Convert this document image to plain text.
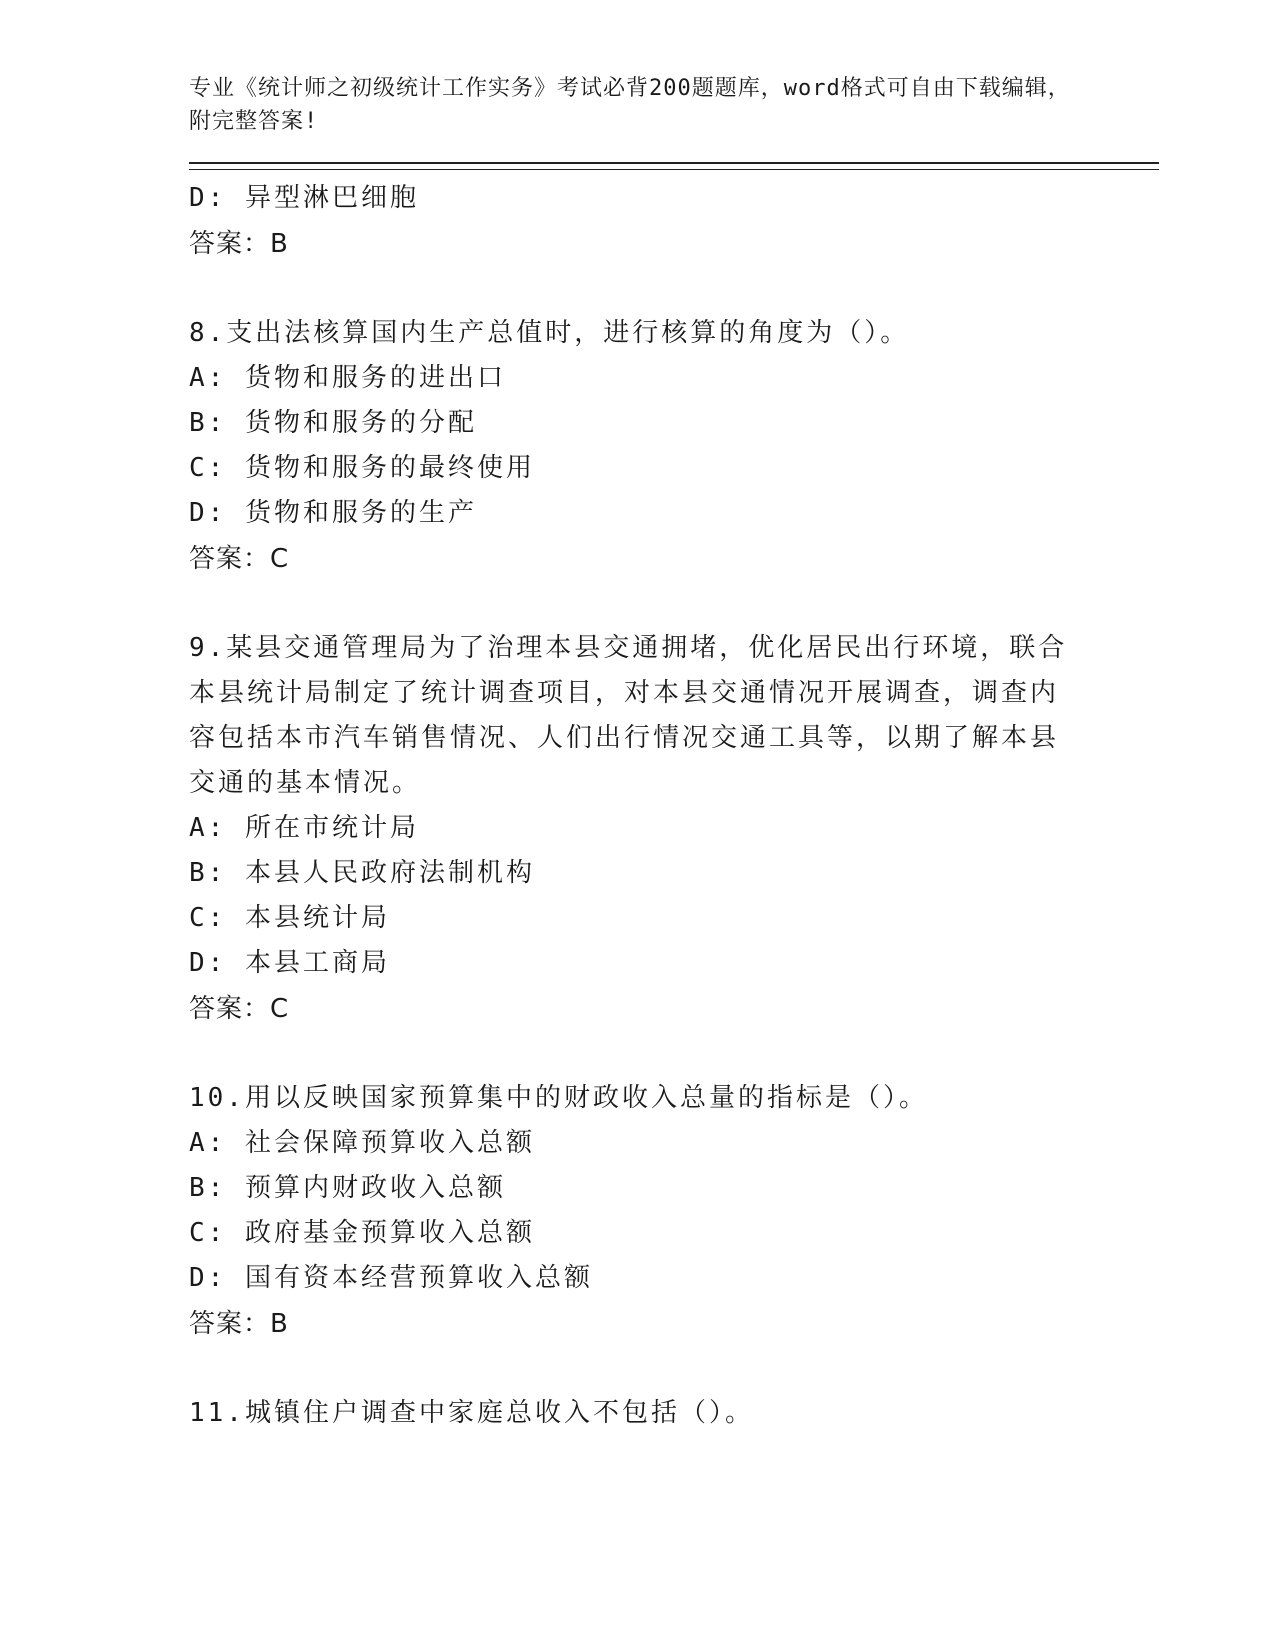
专业《统计师之初级统计工作实务》考试必背200题题库，word格式可自由下载编辑，附完整答案!

D: 异型淋巴细胞
答案：B
8.支出法核算国内生产总值时，进行核算的角度为（）。
A: 货物和服务的进出口
B: 货物和服务的分配
C: 货物和服务的最终使用
D: 货物和服务的生产
答案：C
9.某县交通管理局为了治理本县交通拥堵，优化居民出行环境，联合本县统计局制定了统计调查项目，对本县交通情况开展调查，调查内容包括本市汽车销售情况、人们出行情况交通工具等，以期了解本县交通的基本情况。
A: 所在市统计局
B: 本县人民政府法制机构
C: 本县统计局
D: 本县工商局
答案：C
10.用以反映国家预算集中的财政收入总量的指标是（）。
A: 社会保障预算收入总额
B: 预算内财政收入总额
C: 政府基金预算收入总额
D: 国有资本经营预算收入总额
答案：B
11.城镇住户调查中家庭总收入不包括（）。
